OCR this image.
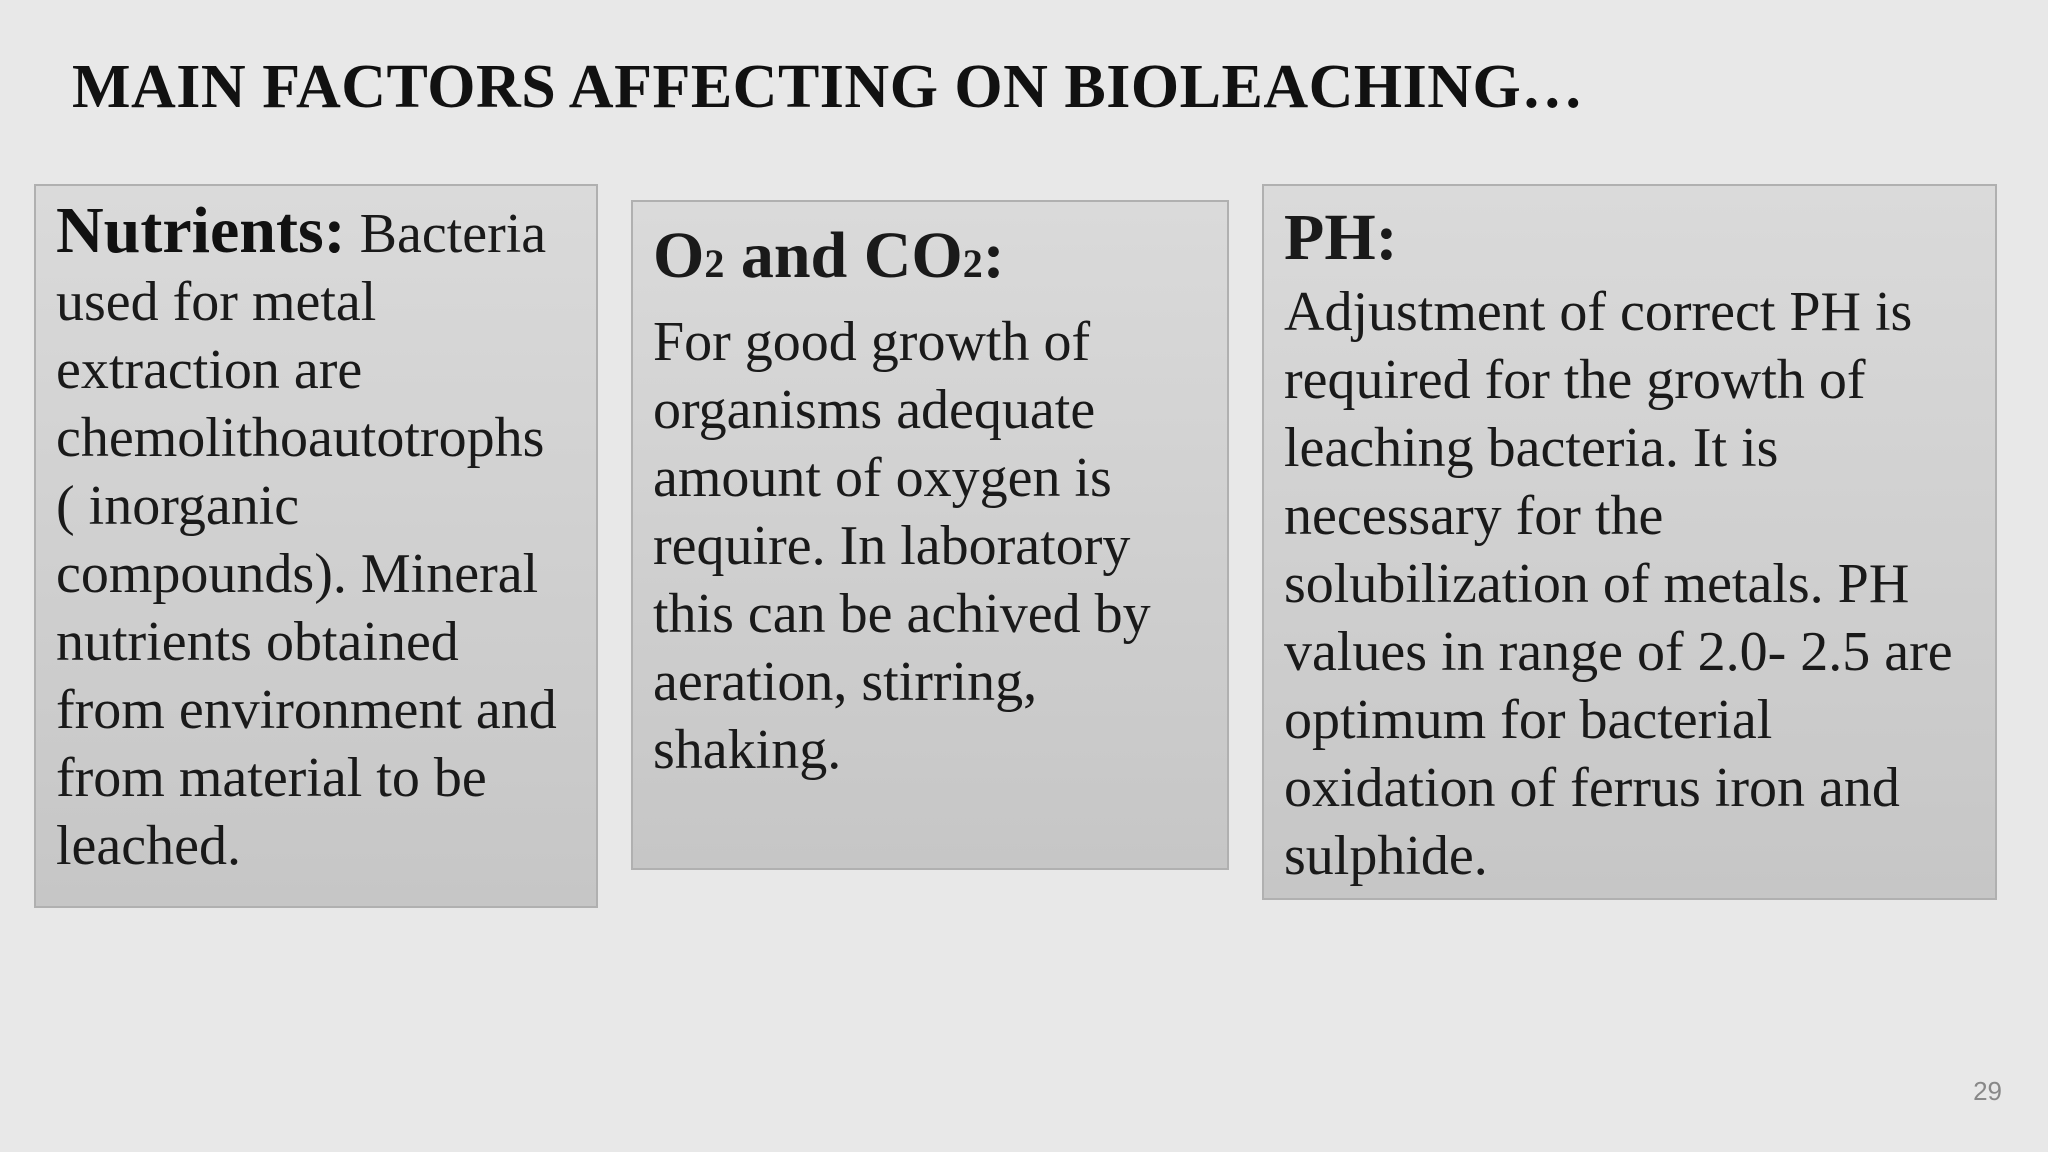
MAIN FACTORS AFFECTING ON BIOLEACHING…

Nutrients: Bacteria used for metal extraction are chemolithoautotrophs ( inorganic compounds). Mineral nutrients obtained from environment and from material to be leached.

O2 and CO2:

For good growth of organisms adequate amount of oxygen is require. In laboratory this can be achived by aeration, stirring, shaking.

PH:

Adjustment of correct PH is required for the growth of leaching bacteria. It is necessary for the solubilization of metals. PH values in range of 2.0- 2.5 are optimum for bacterial oxidation of ferrus iron and sulphide.

29
